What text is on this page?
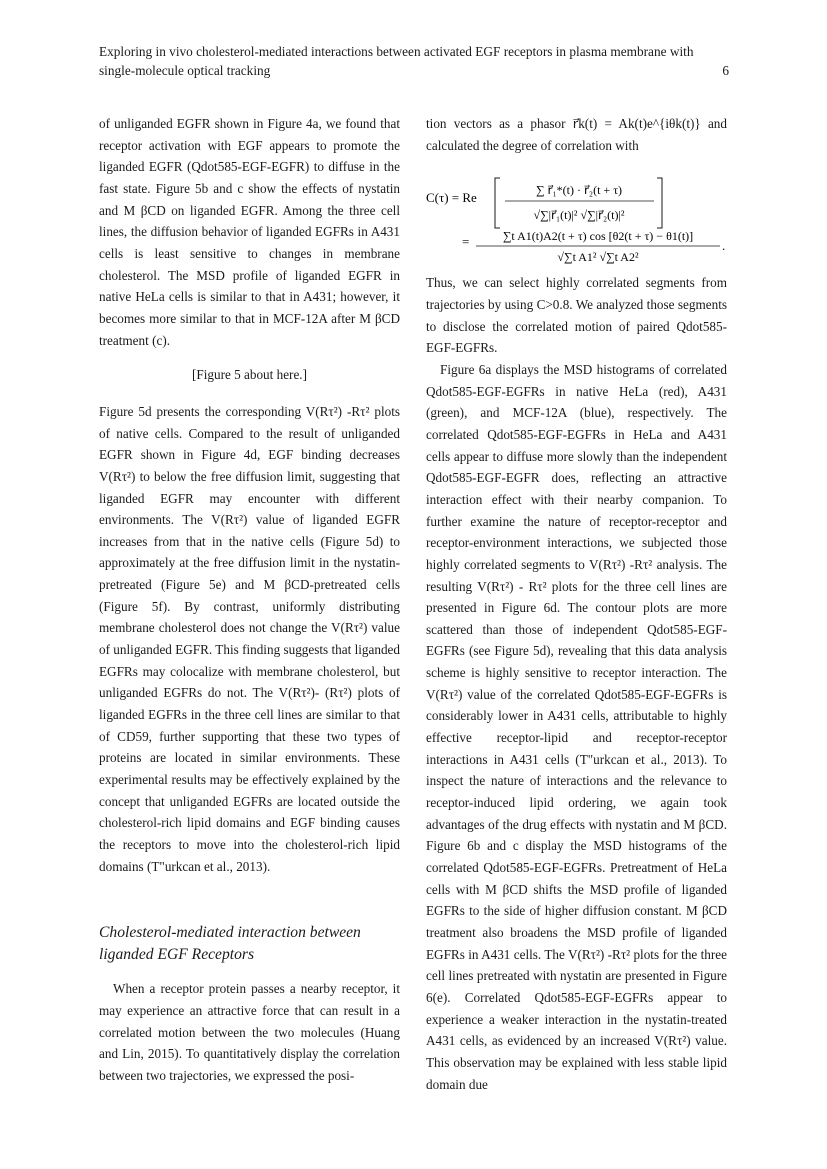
Exploring in vivo cholesterol-mediated interactions between activated EGF receptors in plasma membrane with
single-molecule optical tracking	6

of unliganded EGFR shown in Figure 4a, we found that receptor activation with EGF appears to promote the liganded EGFR (Qdot585-EGF-EGFR) to diffuse in the fast state. Figure 5b and c show the effects of nystatin and M βCD on liganded EGFR. Among the three cell lines, the diffusion behavior of liganded EGFRs in A431 cells is least sensitive to changes in membrane cholesterol. The MSD profile of liganded EGFR in native HeLa cells is similar to that in A431; however, it becomes more similar to that in MCF-12A after M βCD treatment (c).

[Figure 5 about here.]

Figure 5d presents the corresponding V(Rτ²) -Rτ² plots of native cells. Compared to the result of unliganded EGFR shown in Figure 4d, EGF binding decreases V(Rτ²) to below the free diffusion limit, suggesting that liganded EGFR may encounter with different environments. The V(Rτ²) value of liganded EGFR increases from that in the native cells (Figure 5d) to approximately at the free diffusion limit in the nystatin-pretreated (Figure 5e) and M βCD-pretreated cells (Figure 5f). By contrast, uniformly distributing membrane cholesterol does not change the V(Rτ²) value of unliganded EGFR. This finding suggests that liganded EGFRs may colocalize with membrane cholesterol, but unliganded EGFRs do not. The V(Rτ²)- (Rτ²) plots of liganded EGFRs in the three cell lines are similar to that of CD59, further supporting that these two types of proteins are located in similar environments. These experimental results may be effectively explained by the concept that unliganded EGFRs are located outside the cholesterol-rich lipid domains and EGF binding causes the receptors to move into the cholesterol-rich lipid domains (T"urkcan et al., 2013).

Cholesterol-mediated interaction between liganded EGF Receptors

When a receptor protein passes a nearby receptor, it may experience an attractive force that can result in a correlated motion between the two molecules (Huang and Lin, 2015). To quantitatively display the correlation between two trajectories, we expressed the posi-

tion vectors as a phasor r⃗k(t) = Ak(t)e^{iθk(t)} and calculated the degree of correlation with

C(τ) = Re	∑ r⃗₁*(t) · r⃗₂(t + τ)
√∑|r⃗₁(t)|² √∑|r⃗₂(t)|²
=	∑t A1(t)A2(t + τ) cos [θ2(t + τ) − θ1(t)]
√∑t A1² √∑t A2²
.

Thus, we can select highly correlated segments from trajectories by using C>0.8. We analyzed those segments to disclose the correlated motion of paired Qdot585-EGF-EGFRs.

Figure 6a displays the MSD histograms of correlated Qdot585-EGF-EGFRs in native HeLa (red), A431 (green), and MCF-12A (blue), respectively. The correlated Qdot585-EGF-EGFRs in HeLa and A431 cells appear to diffuse more slowly than the independent Qdot585-EGF-EGFR does, reflecting an attractive interaction effect with their nearby companion. To further examine the nature of receptor-receptor and receptor-environment interactions, we subjected those highly correlated segments to V(Rτ²) -Rτ² analysis. The resulting V(Rτ²) - Rτ² plots for the three cell lines are presented in Figure 6d. The contour plots are more scattered than those of independent Qdot585-EGF-EGFRs (see Figure 5d), revealing that this data analysis scheme is highly sensitive to receptor interaction. The V(Rτ²) value of the correlated Qdot585-EGF-EGFRs is considerably lower in A431 cells, attributable to highly effective receptor-lipid and receptor-receptor interactions in A431 cells (T"urkcan et al., 2013). To inspect the nature of interactions and the relevance to receptor-induced lipid ordering, we again took advantages of the drug effects with nystatin and M βCD. Figure 6b and c display the MSD histograms of the correlated Qdot585-EGF-EGFRs. Pretreatment of HeLa cells with M βCD shifts the MSD profile of liganded EGFRs to the side of higher diffusion constant. M βCD treatment also broadens the MSD profile of liganded EGFRs in A431 cells. The V(Rτ²) -Rτ² plots for the three cell lines pretreated with nystatin are presented in Figure 6(e). Correlated Qdot585-EGF-EGFRs appear to experience a weaker interaction in the nystatin-treated A431 cells, as evidenced by an increased V(Rτ²) value. This observation may be explained with less stable lipid domain due
